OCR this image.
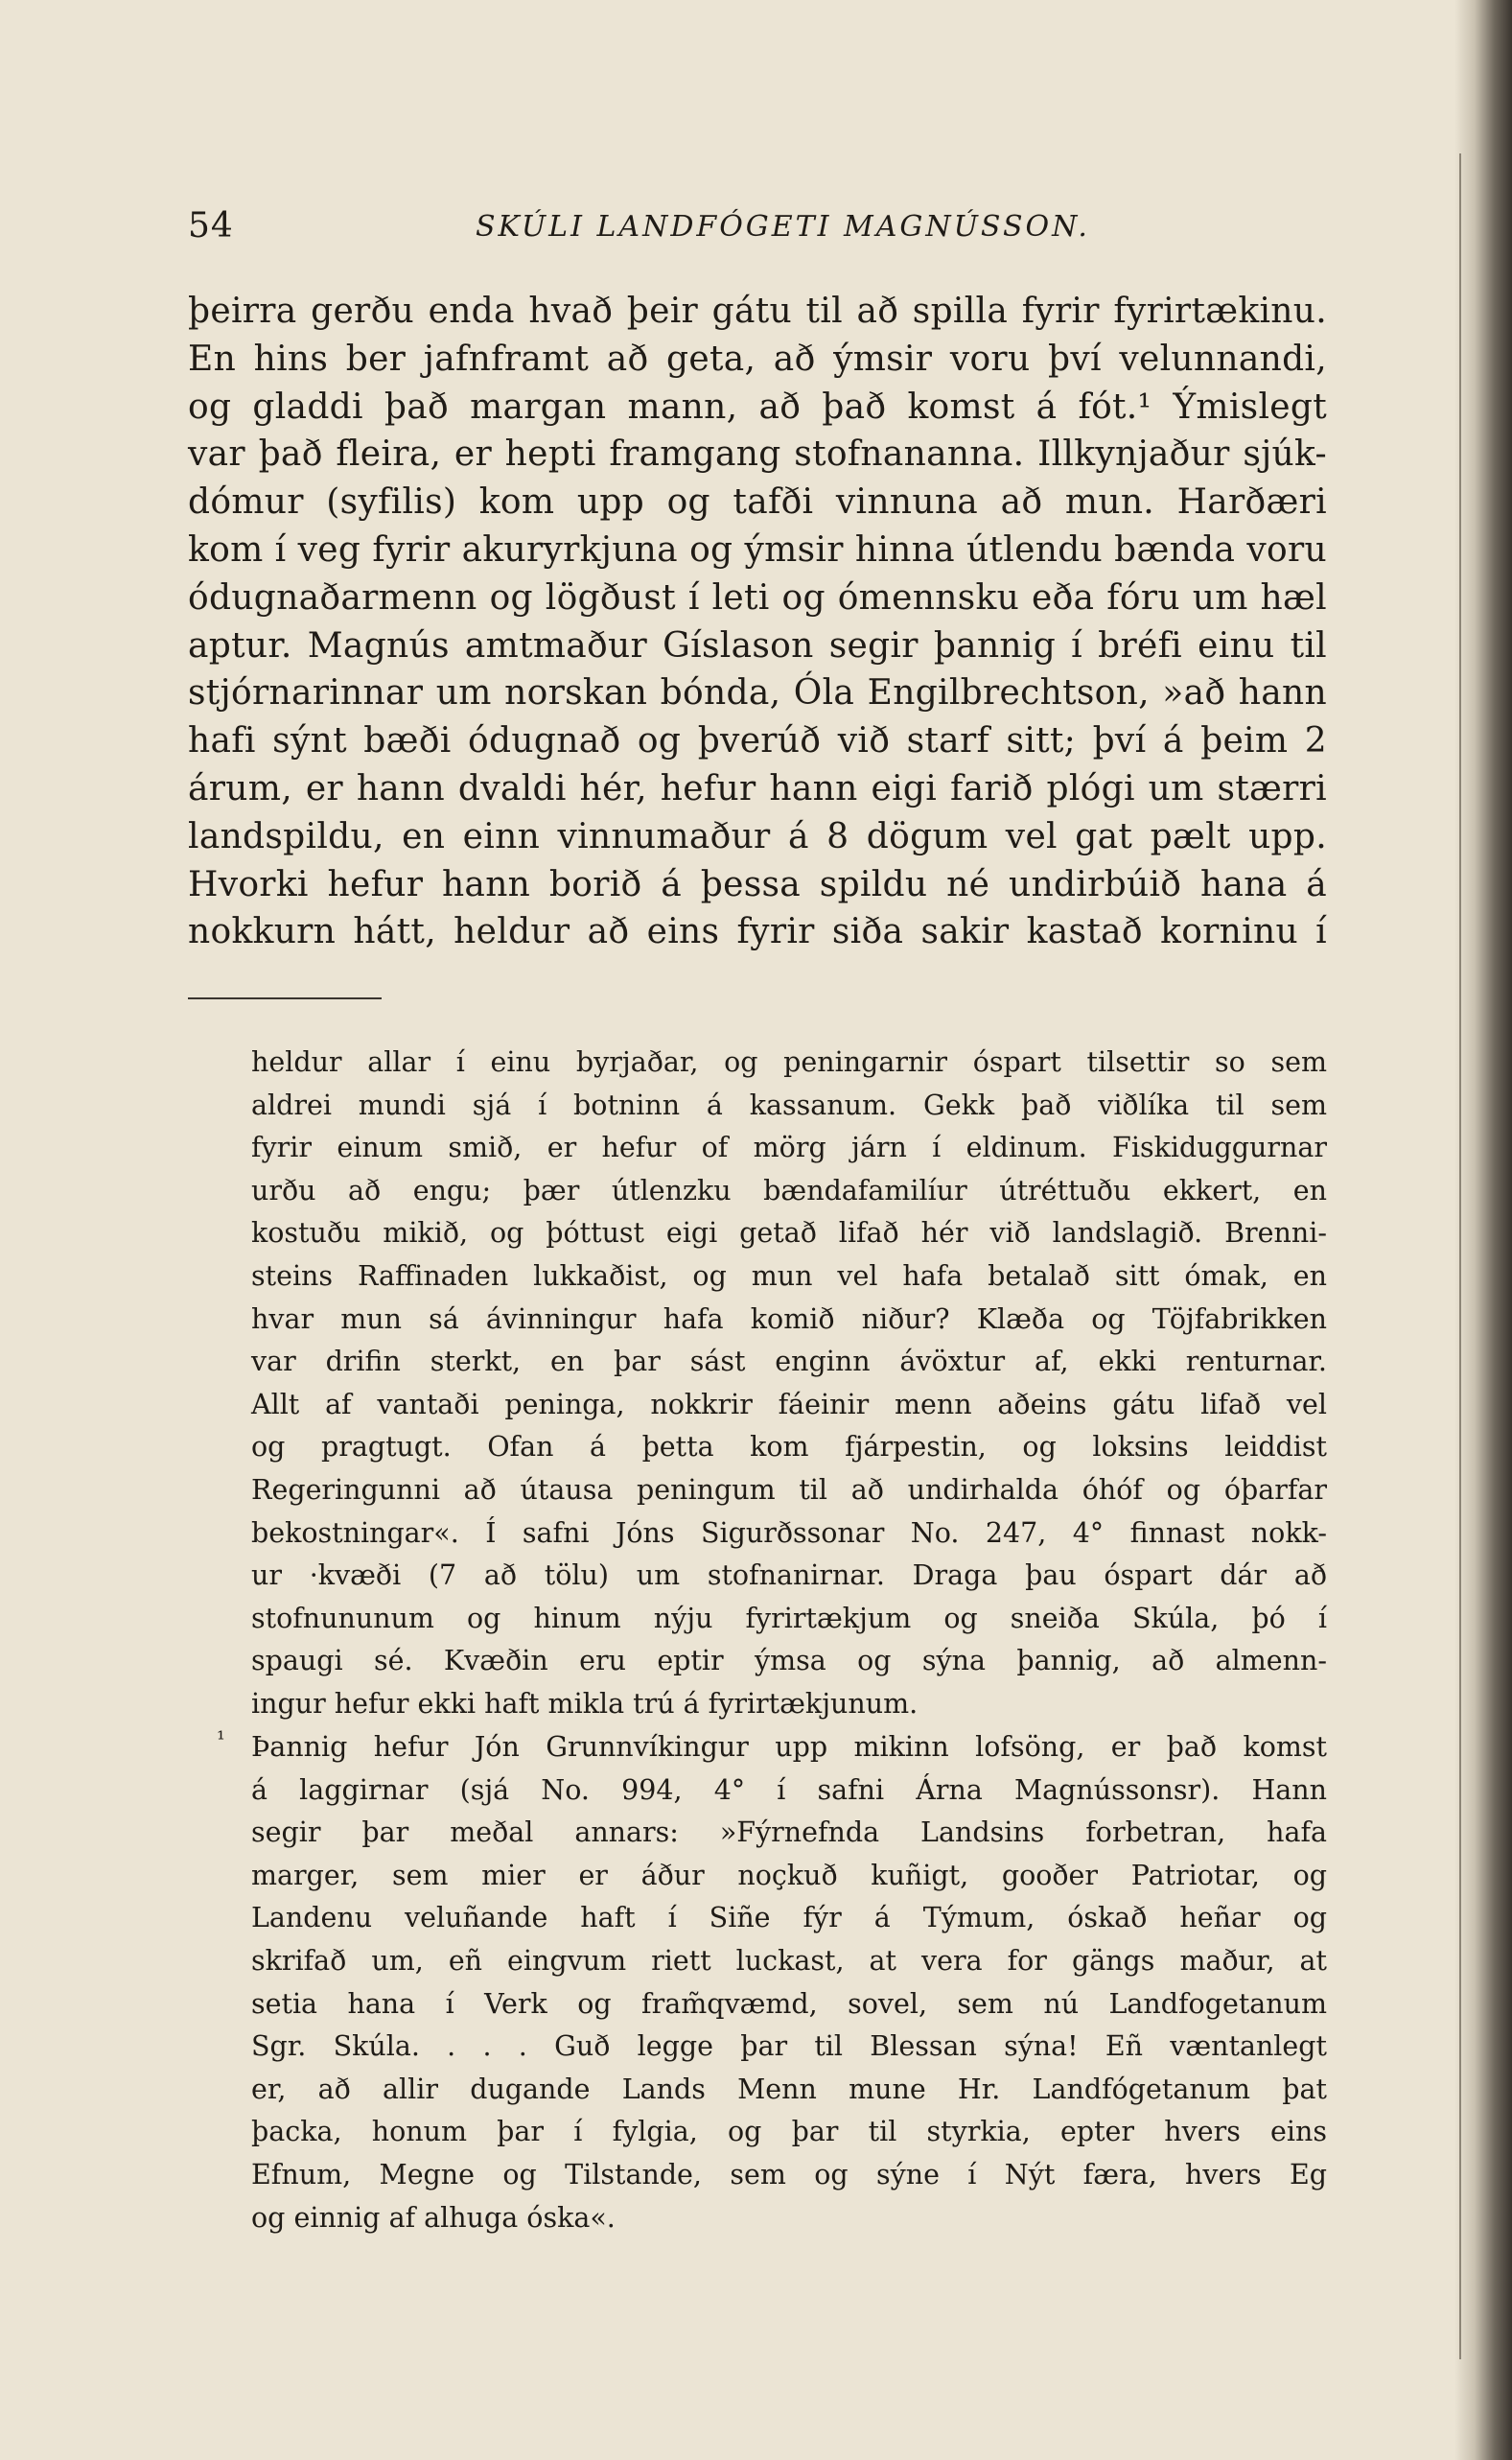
54	SKÚLI LANDFÓGETI MAGNÚSSON.
þeirra gerðu enda hvað þeir gátu til að spilla fyrir fyrirtækinu.
En hins ber jafnframt að geta, að ýmsir voru því velunnandi,
og gladdi það margan mann, að það komst á fót.¹ Ýmislegt
var það fleira, er hepti framgang stofnananna. Illkynjaður sjúk-
dómur (syfilis) kom upp og tafði vinnuna að mun. Harðæri
kom í veg fyrir akuryrkjuna og ýmsir hinna útlendu bænda voru
ódugnaðarmenn og lögðust í leti og ómennsku eða fóru um hæl
aptur. Magnús amtmaður Gíslason segir þannig í bréfi einu til
stjórnarinnar um norskan bónda, Óla Engilbrechtson, »að hann
hafi sýnt bæði ódugnað og þverúð við starf sitt; því á þeim 2
árum, er hann dvaldi hér, hefur hann eigi farið plógi um stærri
landspildu, en einn vinnumaður á 8 dögum vel gat pælt upp.
Hvorki hefur hann borið á þessa spildu né undirbúið hana á
nokkurn hátt, heldur að eins fyrir siða sakir kastað korninu í
heldur allar í einu byrjaðar, og peningarnir óspart tilsettir so sem
aldrei mundi sjá í botninn á kassanum. Gekk það viðlíka til sem
fyrir einum smið, er hefur of mörg járn í eldinum. Fiskiduggurnar
urðu að engu; þær útlenzku bændafamilíur útréttuðu ekkert, en
kostuðu mikið, og þóttust eigi getað lifað hér við landslagið. Brenni-
steins Raffinaden lukkaðist, og mun vel hafa betalað sitt ómak, en
hvar mun sá ávinningur hafa komið niður? Klæða og Töjfabrikken
var drifin sterkt, en þar sást enginn ávöxtur af, ekki renturnar.
Allt af vantaði peninga, nokkrir fáeinir menn aðeins gátu lifað vel
og pragtugt. Ofan á þetta kom fjárpestin, og loksins leiddist
Regeringunni að útausa peningum til að undirhalda óhóf og óþarfar
bekostningar«. Í safni Jóns Sigurðssonar No. 247, 4° finnast nokk-
ur ·kvæði (7 að tölu) um stofnanirnar. Draga þau óspart dár að
stofnununum og hinum nýju fyrirtækjum og sneiða Skúla, þó í
spaugi sé. Kvæðin eru eptir ýmsa og sýna þannig, að almenn-
ingur hefur ekki haft mikla trú á fyrirtækjunum.
¹ Þannig hefur Jón Grunnvíkingur upp mikinn lofsöng, er það komst
á laggirnar (sjá No. 994, 4° í safni Árna Magnússonsr). Hann
segir þar meðal annars: »Fýrnefnda Landsins forbetran, hafa
marger, sem mier er áður noçkuð kuñigt, gooðer Patriotar, og
Landenu veluñande haft í Siñe fýr á Týmum, óskað heñar og
skrifað um, eñ eingvum riett luckast, at vera for gängs maður, at
setia hana í Verk og fram̃qvæmd, sovel, sem nú Landfogetanum
Sgr. Skúla. . . . Guð legge þar til Blessan sýna! Eñ væntanlegt
er, að allir dugande Lands Menn mune Hr. Landfógetanum þat
þacka, honum þar í fylgia, og þar til styrkia, epter hvers eins
Efnum, Megne og Tilstande, sem og sýne í Nýt færa, hvers Eg
og einnig af alhuga óska«.
